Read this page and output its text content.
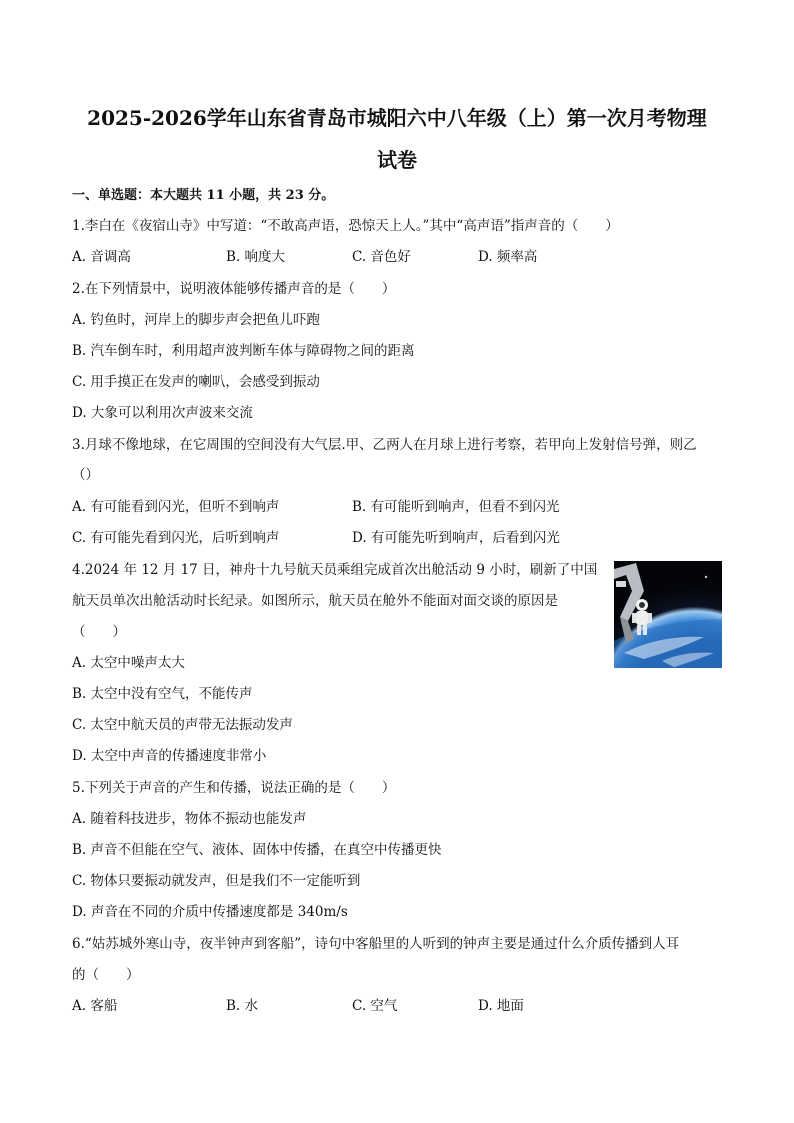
2025-2026学年山东省青岛市城阳六中八年级（上）第一次月考物理
试卷
一、单选题：本大题共 11 小题，共 23 分。
1.李白在《夜宿山寺》中写道：“不敢高声语，恐惊天上人。”其中“高声语”指声音的（　　）
A. 音调高	B. 响度大	C. 音色好	D. 频率高
2.在下列情景中，说明液体能够传播声音的是（　　）
A. 钓鱼时，河岸上的脚步声会把鱼儿吓跑
B. 汽车倒车时，利用超声波判断车体与障碍物之间的距离
C. 用手摸正在发声的喇叭，会感受到振动
D. 大象可以利用次声波来交流
3.月球不像地球，在它周围的空间没有大气层.甲、乙两人在月球上进行考察，若甲向上发射信号弹，则乙
（）
A. 有可能看到闪光，但听不到响声	B. 有可能听到响声，但看不到闪光
C. 有可能先看到闪光，后听到响声	D. 有可能先听到响声，后看到闪光
4.2024 年 12 月 17 日，神舟十九号航天员乘组完成首次出舱活动 9 小时，刷新了中国
航天员单次出舱活动时长纪录。如图所示，航天员在舱外不能面对面交谈的原因是
（　　）
A. 太空中噪声太大
B. 太空中没有空气，不能传声
C. 太空中航天员的声带无法振动发声
D. 太空中声音的传播速度非常小
5.下列关于声音的产生和传播，说法正确的是（　　）
A. 随着科技进步，物体不振动也能发声
B. 声音不但能在空气、液体、固体中传播，在真空中传播更快
C. 物体只要振动就发声，但是我们不一定能听到
D. 声音在不同的介质中传播速度都是 340m/s
6.“姑苏城外寒山寺，夜半钟声到客船”，诗句中客船里的人听到的钟声主要是通过什么介质传播到人耳
的（　　）
A. 客船	B. 水	C. 空气	D. 地面
